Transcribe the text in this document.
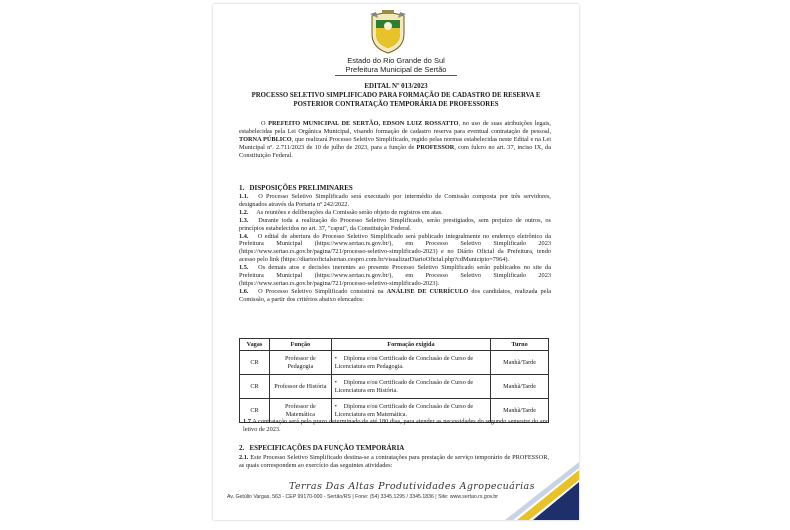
Estado do Rio Grande do Sul
Prefeitura Municipal de Sertão
EDITAL Nº 013/2023
PROCESSO SELETIVO SIMPLIFICADO PARA FORMAÇÃO DE CADASTRO DE RESERVA E POSTERIOR CONTRATAÇÃO TEMPORÁRIA DE PROFESSORES
O PREFEITO MUNICIPAL DE SERTÃO, EDSON LUIZ ROSSATTO, no uso de suas atribuições legais, estabelecidas pela Lei Orgânica Municipal, visando formação de cadastro reserva para eventual contratação de pessoal, TORNA PÚBLICO, que realizará Processo Seletivo Simplificado, regido pelas normas estabelecidas neste Edital e na Lei Municipal nº. 2.711/2023 de 10 de julho de 2023, para a função de PROFESSOR, com fulcro no art. 37, inciso IX, da Constituição Federal.
1. DISPOSIÇÕES PRELIMINARES

1.1. O Processo Seletivo Simplificado será executado por intermédio de Comissão composta por três servidores, designados através da Portaria nº 242/2022.

1.2. As reuniões e deliberações da Comissão serão objeto de registros em atas.

1.3. Durante toda a realização do Processo Seletivo Simplificado, serão prestigiados, sem prejuízo de outros, os princípios estabelecidos no art. 37, "caput", da Constituição Federal.

1.4. O edital de abertura do Processo Seletivo Simplificado será publicado integralmente no endereço eletrônico da Prefeitura Municipal (https://www.sertao.rs.gov.br/), em Processo Seletivo Simplificado 2023 (https://www.sertao.rs.gov.br/pagina/721/processo-seletivo-simplificado-2023) e no Diário Oficial da Prefeitura, tendo acesso pelo link (https://diariooficialsertao.cespro.com.br/visualizarDiarioOficial.php?cdMunicipio=7964).

1.5. Os demais atos e decisões inerentes ao presente Processo Seletivo Simplificado serão publicados no site da Prefeitura Municipal (https://www.sertao.rs.gov.br/), em Processo Seletivo Simplificado 2023 (https://www.sertao.rs.gov.br/pagina/721/processo-seletivo-simplificado-2023).

1.6. O Processo Seletivo Simplificado consistirá na ANÁLISE DE CURRÍCULO dos candidatos, realizada pela Comissão, a partir dos critérios abaixo elencados:

Vagas	Função	Formação exigida	Turno
CR	Professor de Pedagogia	• Diploma e/ou Certificado de Conclusão de Curso de Licenciatura em Pedagogia.	Manhã/Tarde
CR	Professor de História	• Diploma e/ou Certificado de Conclusão de Curso de Licenciatura em História.	Manhã/Tarde
CR	Professor de Matemática	• Diploma e/ou Certificado de Conclusão de Curso de Licenciatura em Matemática.	Manhã/Tarde
1.7 A contratação será pelo prazo determinado de até 180 dias, para atender as necessidades do segundo semestre do ano letivo de 2023.
2. ESPECIFICAÇÕES DA FUNÇÃO TEMPORÁRIA
2.1. Este Processo Seletivo Simplificado destina-se a contratações para prestação de serviço temporário de PROFESSOR, as quais correspondem ao exercício das seguintes atividades:
Terras Das Altas Produtividades Agropecuárias
Av. Getúlio Vargas, 563 - CEP 99170-000 - Sertão/RS | Fone: (54) 3345.1295 / 3345.1836 | Site: www.sertao.rs.gov.br
